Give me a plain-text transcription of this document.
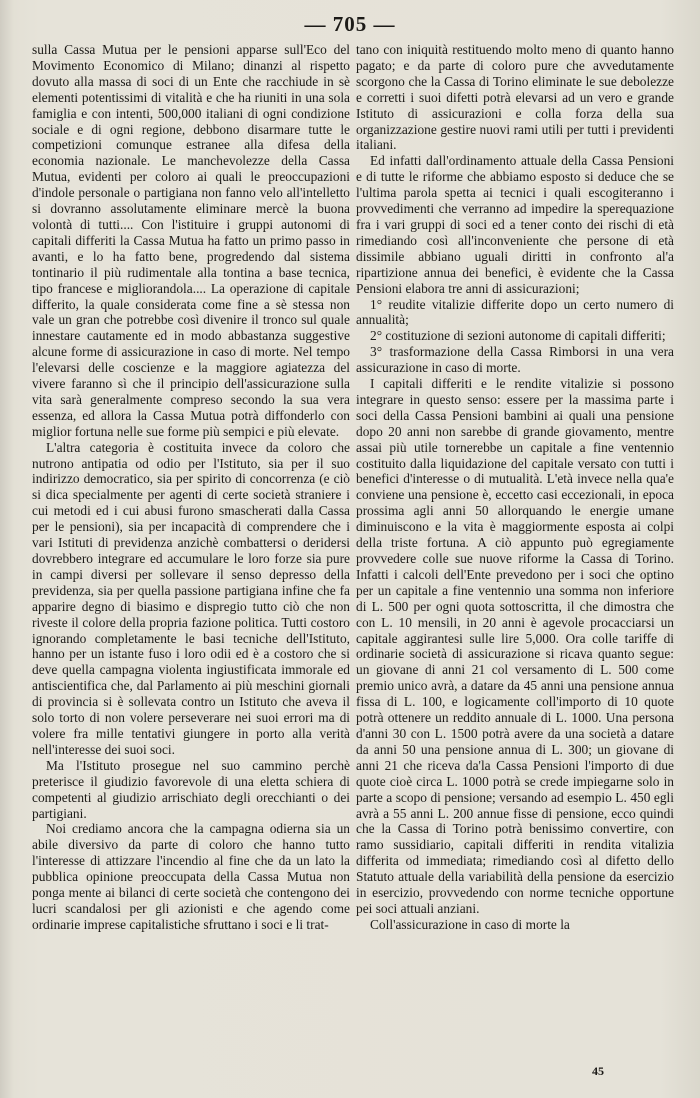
— 705 —

sulla Cassa Mutua per le pensioni apparse sull'Eco del Movimento Economico di Milano; dinanzi al rispetto dovuto alla massa di soci di un Ente che racchiude in sè elementi potentissimi di vitalità e che ha riuniti in una sola famiglia e con intenti, 500,000 italiani di ogni condizione sociale e di ogni regione, debbono disarmare tutte le competizioni comunque estranee alla difesa della economia nazionale. Le manchevolezze della Cassa Mutua, evidenti per coloro ai quali le preoccupazioni d'indole personale o partigiana non fanno velo all'intelletto si dovranno assolutamente eliminare mercè la buona volontà di tutti.... Con l'istituire i gruppi autonomi di capitali differiti la Cassa Mutua ha fatto un primo passo in avanti, e lo ha fatto bene, progredendo dal sistema tontinario il più rudimentale alla tontina a base tecnica, tipo francese e migliorandola.... La operazione di capitale differito, la quale considerata come fine a sè stessa non vale un gran che potrebbe così divenire il tronco sul quale innestare cautamente ed in modo abbastanza suggestive alcune forme di assicurazione in caso di morte. Nel tempo l'elevarsi delle coscienze e la maggiore agiatezza del vivere faranno sì che il principio dell'assicurazione sulla vita sarà generalmente compreso secondo la sua vera essenza, ed allora la Cassa Mutua potrà diffonderlo con miglior fortuna nelle sue forme più sempici e più elevate.

L'altra categoria è costituita invece da coloro che nutrono antipatia od odio per l'Istituto, sia per il suo indirizzo democratico, sia per spirito di concorrenza (e ciò si dica specialmente per agenti di certe società straniere i cui metodi ed i cui abusi furono smascherati dalla Cassa per le pensioni), sia per incapacità di comprendere che i vari Istituti di previdenza anzichè combattersi o deridersi dovrebbero integrare ed accumulare le loro forze sia pure in campi diversi per sollevare il senso depresso della previdenza, sia per quella passione partigiana infine che fa apparire degno di biasimo e dispregio tutto ciò che non riveste il colore della propria fazione politica. Tutti costoro ignorando completamente le basi tecniche dell'Istituto, hanno per un istante fuso i loro odii ed è a costoro che si deve quella campagna violenta ingiustificata immorale ed antiscientifica che, dal Parlamento ai più meschini giornali di provincia si è sollevata contro un Istituto che aveva il solo torto di non volere perseverare nei suoi errori ma di volere fra mille tentativi giungere in porto alla verità nell'interesse dei suoi soci.

Ma l'Istituto prosegue nel suo cammino perchè preterisce il giudizio favorevole di una eletta schiera di competenti al giudizio arrischiato degli orecchianti o dei partigiani.

Noi crediamo ancora che la campagna odierna sia un abile diversivo da parte di coloro che hanno tutto l'interesse di attizzare l'incendio al fine che da un lato la pubblica opinione preoccupata della Cassa Mutua non ponga mente ai bilanci di certe società che contengono dei lucri scandalosi per gli azionisti e che agendo come ordinarie imprese capitalistiche sfruttano i soci e li trat-

tano con iniquità restituendo molto meno di quanto hanno pagato; e da parte di coloro pure che avvedutamente scorgono che la Cassa di Torino eliminate le sue debolezze e corretti i suoi difetti potrà elevarsi ad un vero e grande Istituto di assicurazioni e colla forza della sua organizzazione gestire nuovi rami utili per tutti i previdenti italiani.

Ed infatti dall'ordinamento attuale della Cassa Pensioni e di tutte le riforme che abbiamo esposto si deduce che se l'ultima parola spetta ai tecnici i quali escogiteranno i provvedimenti che verranno ad impedire la sperequazione fra i vari gruppi di soci ed a tener conto dei rischi di età rimediando così all'inconveniente che persone di età dissimile abbiano uguali diritti in confronto al'a ripartizione annua dei benefici, è evidente che la Cassa Pensioni elabora tre anni di assicurazioni;

1° reudite vitalizie differite dopo un certo numero di annualità;

2° costituzione di sezioni autonome di capitali differiti;

3° trasformazione della Cassa Rimborsi in una vera assicurazione in caso di morte.

I capitali differiti e le rendite vitalizie si possono integrare in questo senso: essere per la massima parte i soci della Cassa Pensioni bambini ai quali una pensione dopo 20 anni non sarebbe di grande giovamento, mentre assai più utile tornerebbe un capitale a fine ventennio costituito dalla liquidazione del capitale versato con tutti i benefici d'interesse o di mutualità. L'età invece nella qua'e conviene una pensione è, eccetto casi eccezionali, in epoca prossima agli anni 50 allorquando le energie umane diminuiscono e la vita è maggiormente esposta ai colpi della triste fortuna. A ciò appunto può egregiamente provvedere colle sue nuove riforme la Cassa di Torino. Infatti i calcoli dell'Ente prevedono per i soci che optino per un capitale a fine ventennio una somma non inferiore di L. 500 per ogni quota sottoscritta, il che dimostra che con L. 10 mensili, in 20 anni è agevole procacciarsi un capitale aggirantesi sulle lire 5,000. Ora colle tariffe di ordinarie società di assicurazione si ricava quanto segue: un giovane di anni 21 col versamento di L. 500 come premio unico avrà, a datare da 45 anni una pensione annua fissa di L. 100, e logicamente coll'importo di 10 quote potrà ottenere un reddito annuale di L. 1000. Una persona d'anni 30 con L. 1500 potrà avere da una società a datare da anni 50 una pensione annua di L. 300; un giovane di anni 21 che riceva da'la Cassa Pensioni l'importo di due quote cioè circa L. 1000 potrà se crede impiegarne solo in parte a scopo di pensione; versando ad esempio L. 450 egli avrà a 55 anni L. 200 annue fisse di pensione, ecco quindi che la Cassa di Torino potrà benissimo convertire, con ramo sussidiario, capitali differiti in rendita vitalizia differita od immediata; rimediando così al difetto dello Statuto attuale della variabilità della pensione da esercizio in esercizio, provvedendo con norme tecniche opportune pei soci attuali anziani.

Coll'assicurazione in caso di morte la

45
